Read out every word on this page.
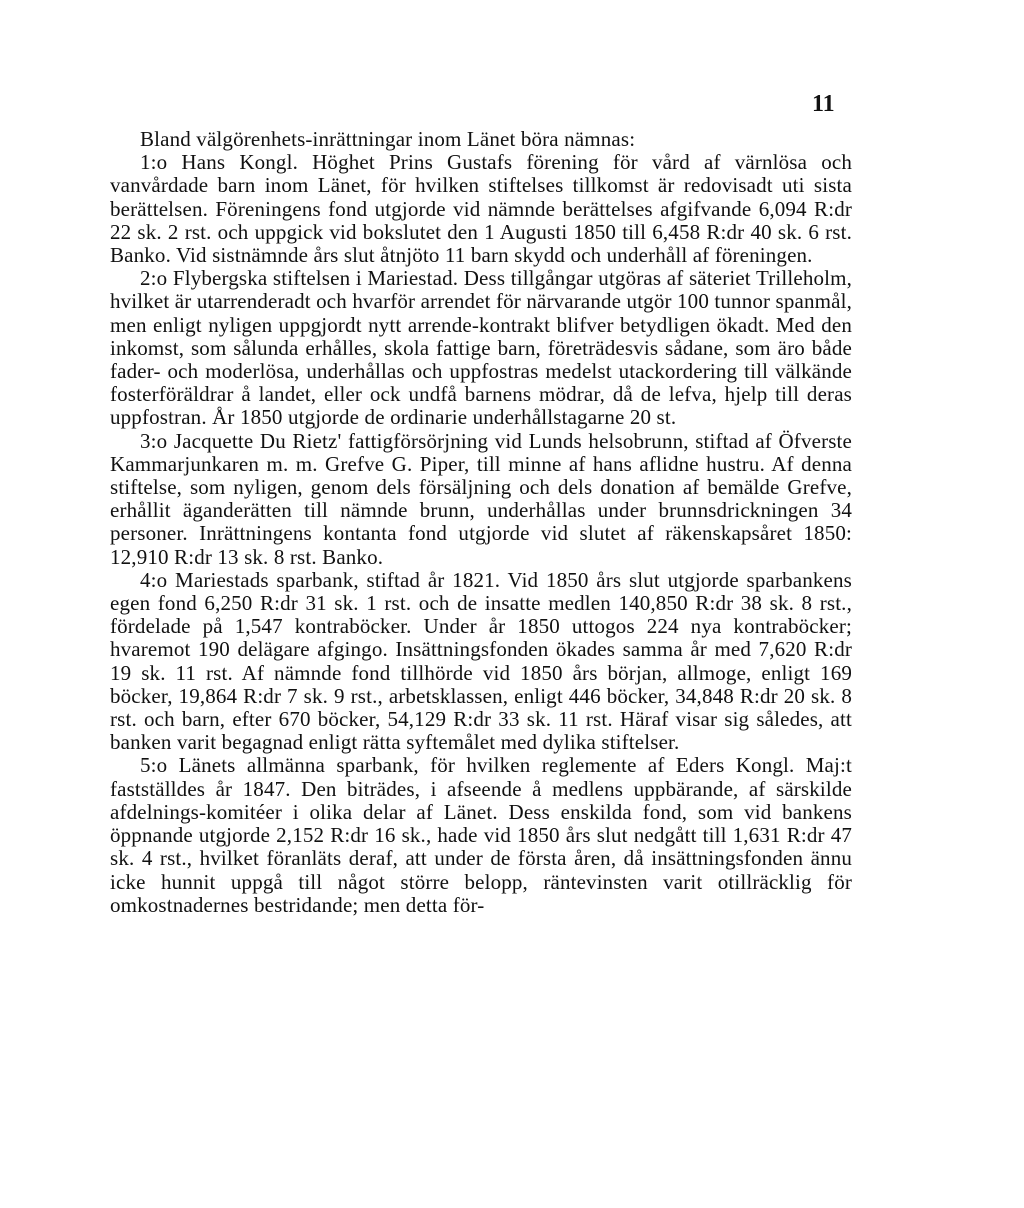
11

Bland välgörenhets-inrättningar inom Länet böra nämnas:

1:o Hans Kongl. Höghet Prins Gustafs förening för vård af värnlösa och vanvårdade barn inom Länet, för hvilken stiftelses tillkomst är redovisadt uti sista berättelsen. Föreningens fond utgjorde vid nämnde berättelses afgifvande 6,094 R:dr 22 sk. 2 rst. och uppgick vid bokslutet den 1 Augusti 1850 till 6,458 R:dr 40 sk. 6 rst. Banko. Vid sistnämnde års slut åtnjöto 11 barn skydd och underhåll af föreningen.

2:o Flybergska stiftelsen i Mariestad. Dess tillgångar utgöras af säteriet Trilleholm, hvilket är utarrenderadt och hvarför arrendet för närvarande utgör 100 tunnor spanmål, men enligt nyligen uppgjordt nytt arrende-kontrakt blifver betydligen ökadt. Med den inkomst, som sålunda erhålles, skola fattige barn, företrädesvis sådane, som äro både fader- och moderlösa, underhållas och uppfostras medelst utackordering till välkände fosterföräldrar å landet, eller ock undfå barnens mödrar, då de lefva, hjelp till deras uppfostran. År 1850 utgjorde de ordinarie underhållstagarne 20 st.

3:o Jacquette Du Rietz' fattigförsörjning vid Lunds helsobrunn, stiftad af Öfverste Kammarjunkaren m. m. Grefve G. Piper, till minne af hans aflidne hustru. Af denna stiftelse, som nyligen, genom dels försäljning och dels donation af bemälde Grefve, erhållit äganderätten till nämnde brunn, underhållas under brunnsdrickningen 34 personer. Inrättningens kontanta fond utgjorde vid slutet af räkenskapsåret 1850: 12,910 R:dr 13 sk. 8 rst. Banko.

4:o Mariestads sparbank, stiftad år 1821. Vid 1850 års slut utgjorde sparbankens egen fond 6,250 R:dr 31 sk. 1 rst. och de insatte medlen 140,850 R:dr 38 sk. 8 rst., fördelade på 1,547 kontraböcker. Under år 1850 uttogos 224 nya kontraböcker; hvaremot 190 delägare afgingo. Insättningsfonden ökades samma år med 7,620 R:dr 19 sk. 11 rst. Af nämnde fond tillhörde vid 1850 års början, allmoge, enligt 169 böcker, 19,864 R:dr 7 sk. 9 rst., arbetsklassen, enligt 446 böcker, 34,848 R:dr 20 sk. 8 rst. och barn, efter 670 böcker, 54,129 R:dr 33 sk. 11 rst. Häraf visar sig således, att banken varit begagnad enligt rätta syftemålet med dylika stiftelser.

5:o Länets allmänna sparbank, för hvilken reglemente af Eders Kongl. Maj:t fastställdes år 1847. Den biträdes, i afseende å medlens uppbärande, af särskilde afdelnings-komitéer i olika delar af Länet. Dess enskilda fond, som vid bankens öppnande utgjorde 2,152 R:dr 16 sk., hade vid 1850 års slut nedgått till 1,631 R:dr 47 sk. 4 rst., hvilket föranläts deraf, att under de första åren, då insättningsfonden ännu icke hunnit uppgå till något större belopp, räntevinsten varit otillräcklig för omkostnadernes bestridande; men detta för-
